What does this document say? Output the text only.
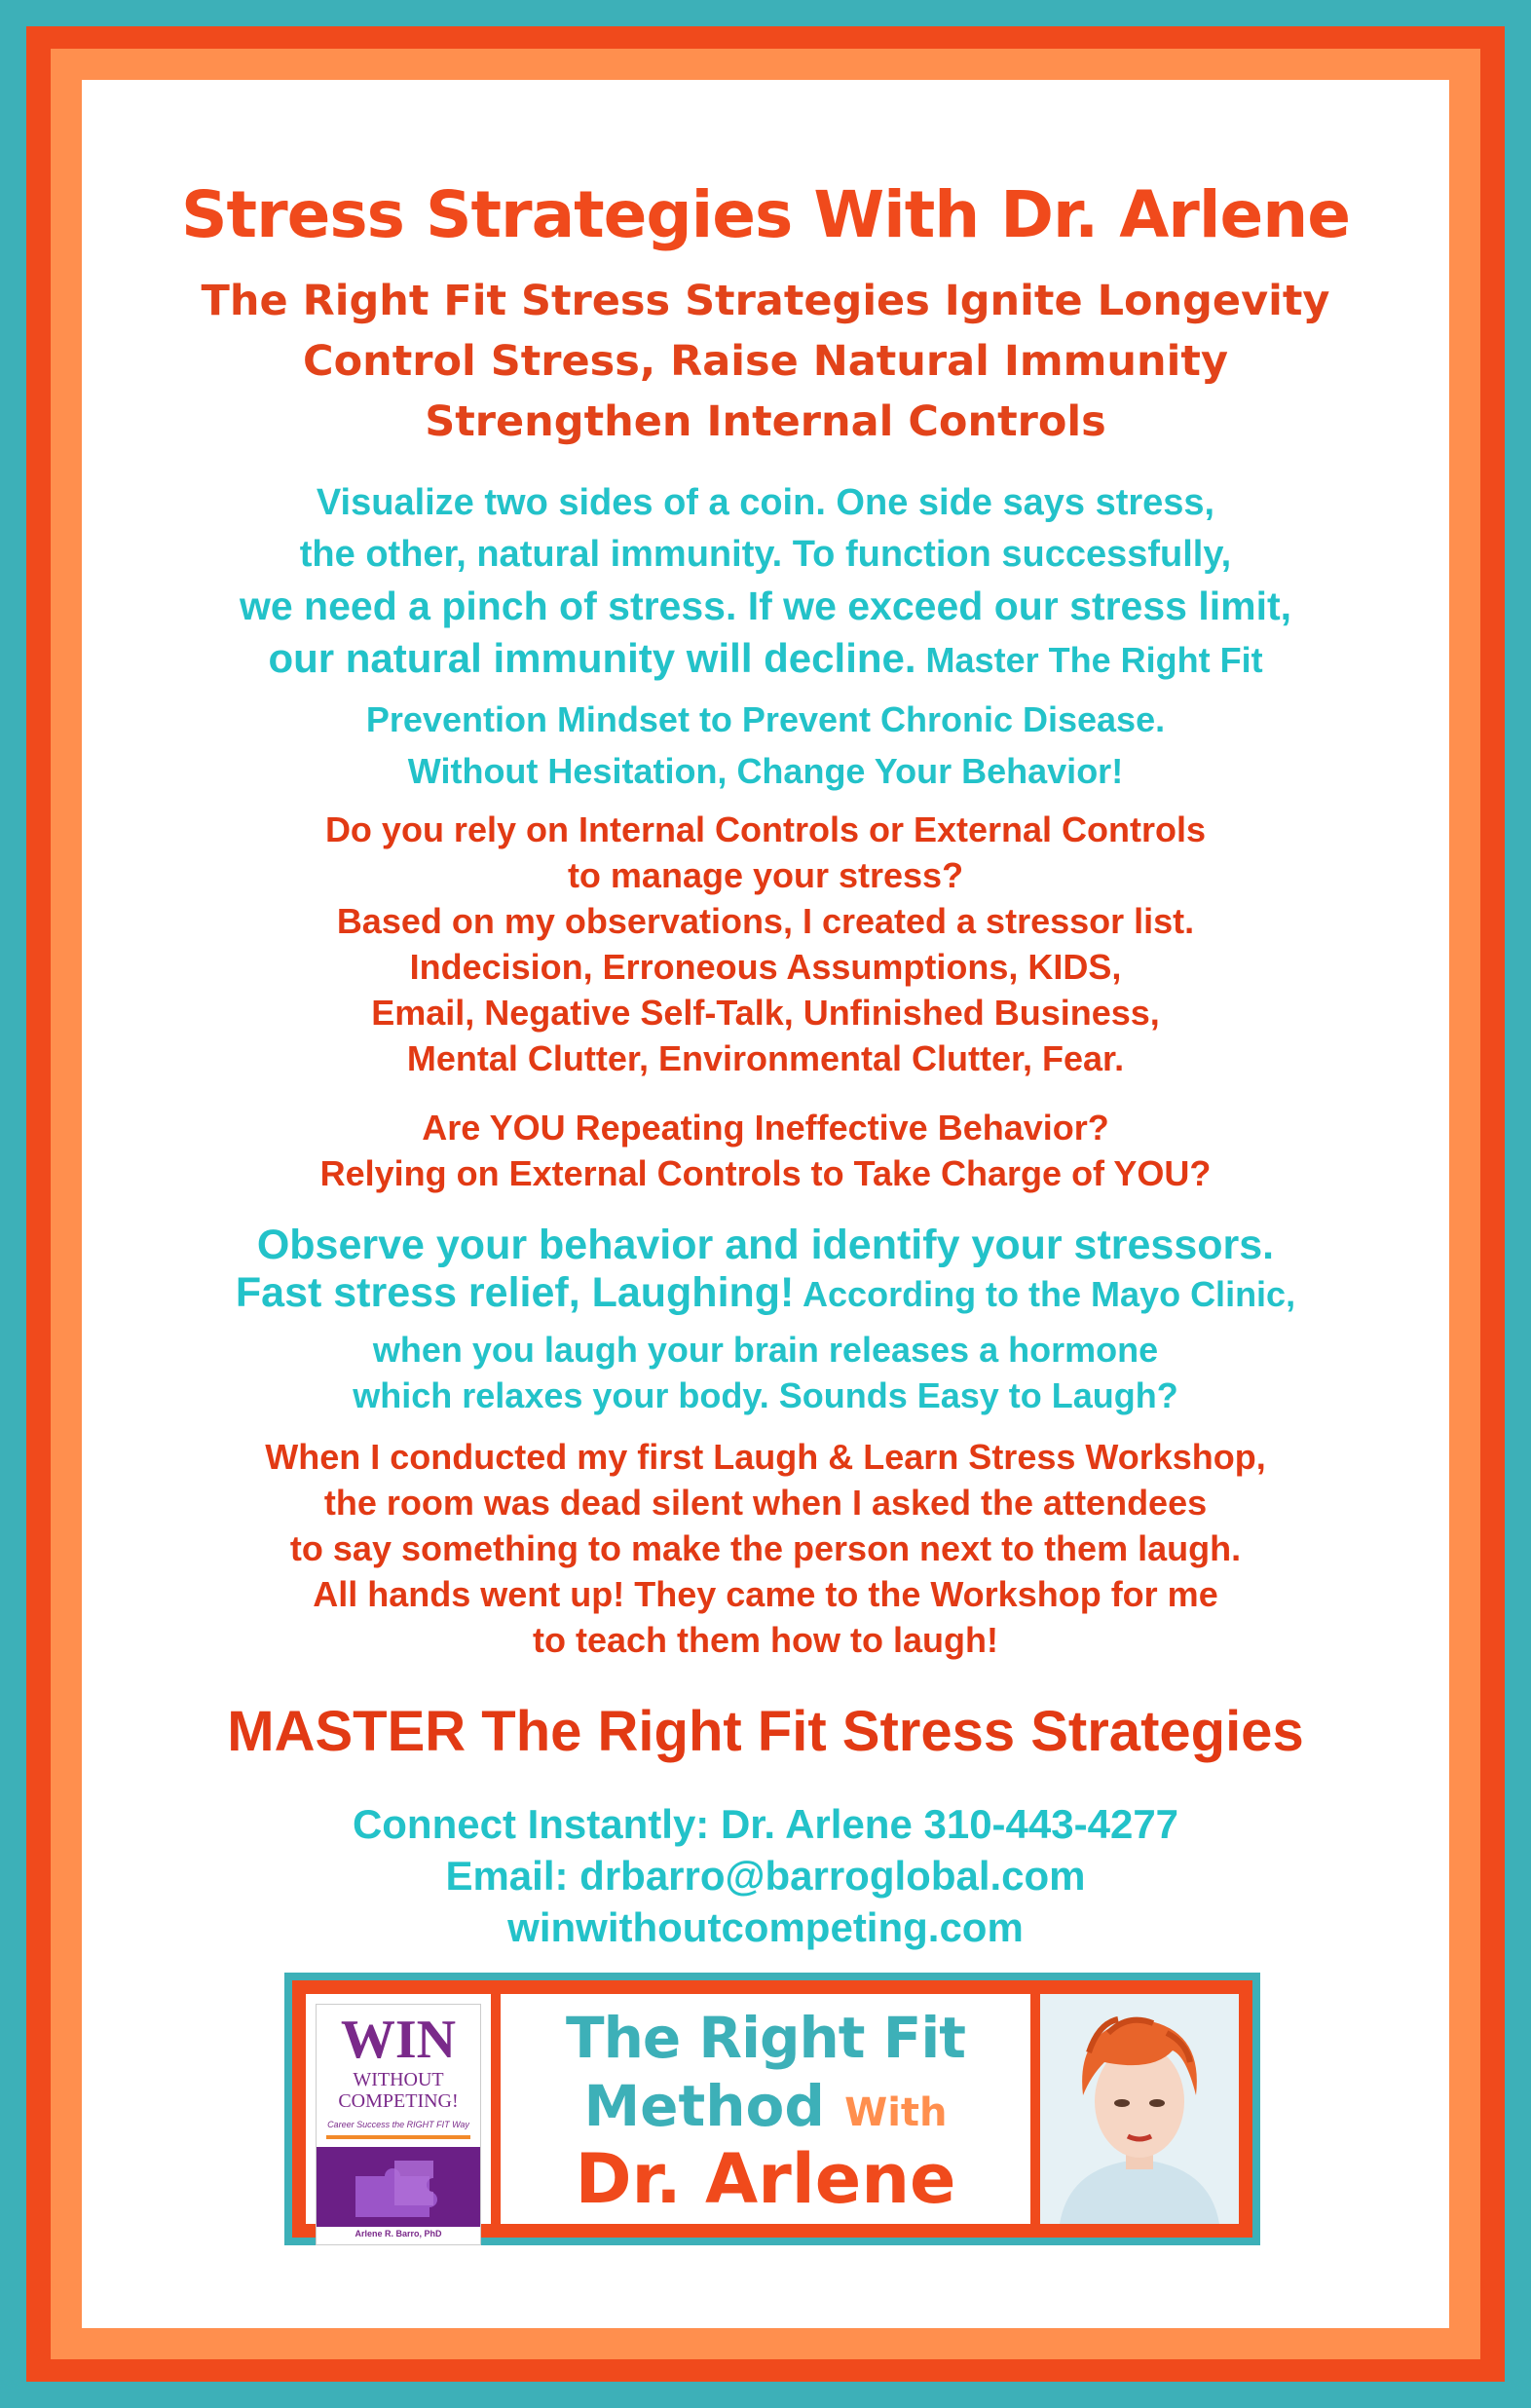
Stress Strategies With Dr. Arlene
The Right Fit Stress Strategies Ignite Longevity
Control Stress, Raise Natural Immunity
Strengthen Internal Controls
Visualize two sides of a coin. One side says stress,
the other, natural immunity. To function successfully,
we need a pinch of stress. If we exceed our stress limit,
our natural immunity will decline. Master The Right Fit
Prevention Mindset to Prevent Chronic Disease.
Without Hesitation, Change Your Behavior!
Do you rely on Internal Controls or External Controls
to manage your stress?
Based on my observations, I created a stressor list.
Indecision, Erroneous Assumptions, KIDS,
Email, Negative Self-Talk, Unfinished Business,
Mental Clutter, Environmental Clutter, Fear.
Are YOU Repeating Ineffective Behavior?
Relying on External Controls to Take Charge of YOU?
Observe your behavior and identify your stressors.
Fast stress relief, Laughing! According to the Mayo Clinic,
when you laugh your brain releases a hormone
which relaxes your body. Sounds Easy to Laugh?
When I conducted my first Laugh & Learn Stress Workshop,
the room was dead silent when I asked the attendees
to say something to make the person next to them laugh.
All hands went up! They came to the Workshop for me
to teach them how to laugh!
MASTER The Right Fit Stress Strategies
Connect Instantly: Dr. Arlene 310-443-4277
Email: drbarro@barroglobal.com
winwithoutcompeting.com
WIN
WITHOUT
COMPETING!
Career Success the RIGHT FIT Way
Arlene R. Barro, PhD
The Right Fit
Method With
Dr. Arlene
